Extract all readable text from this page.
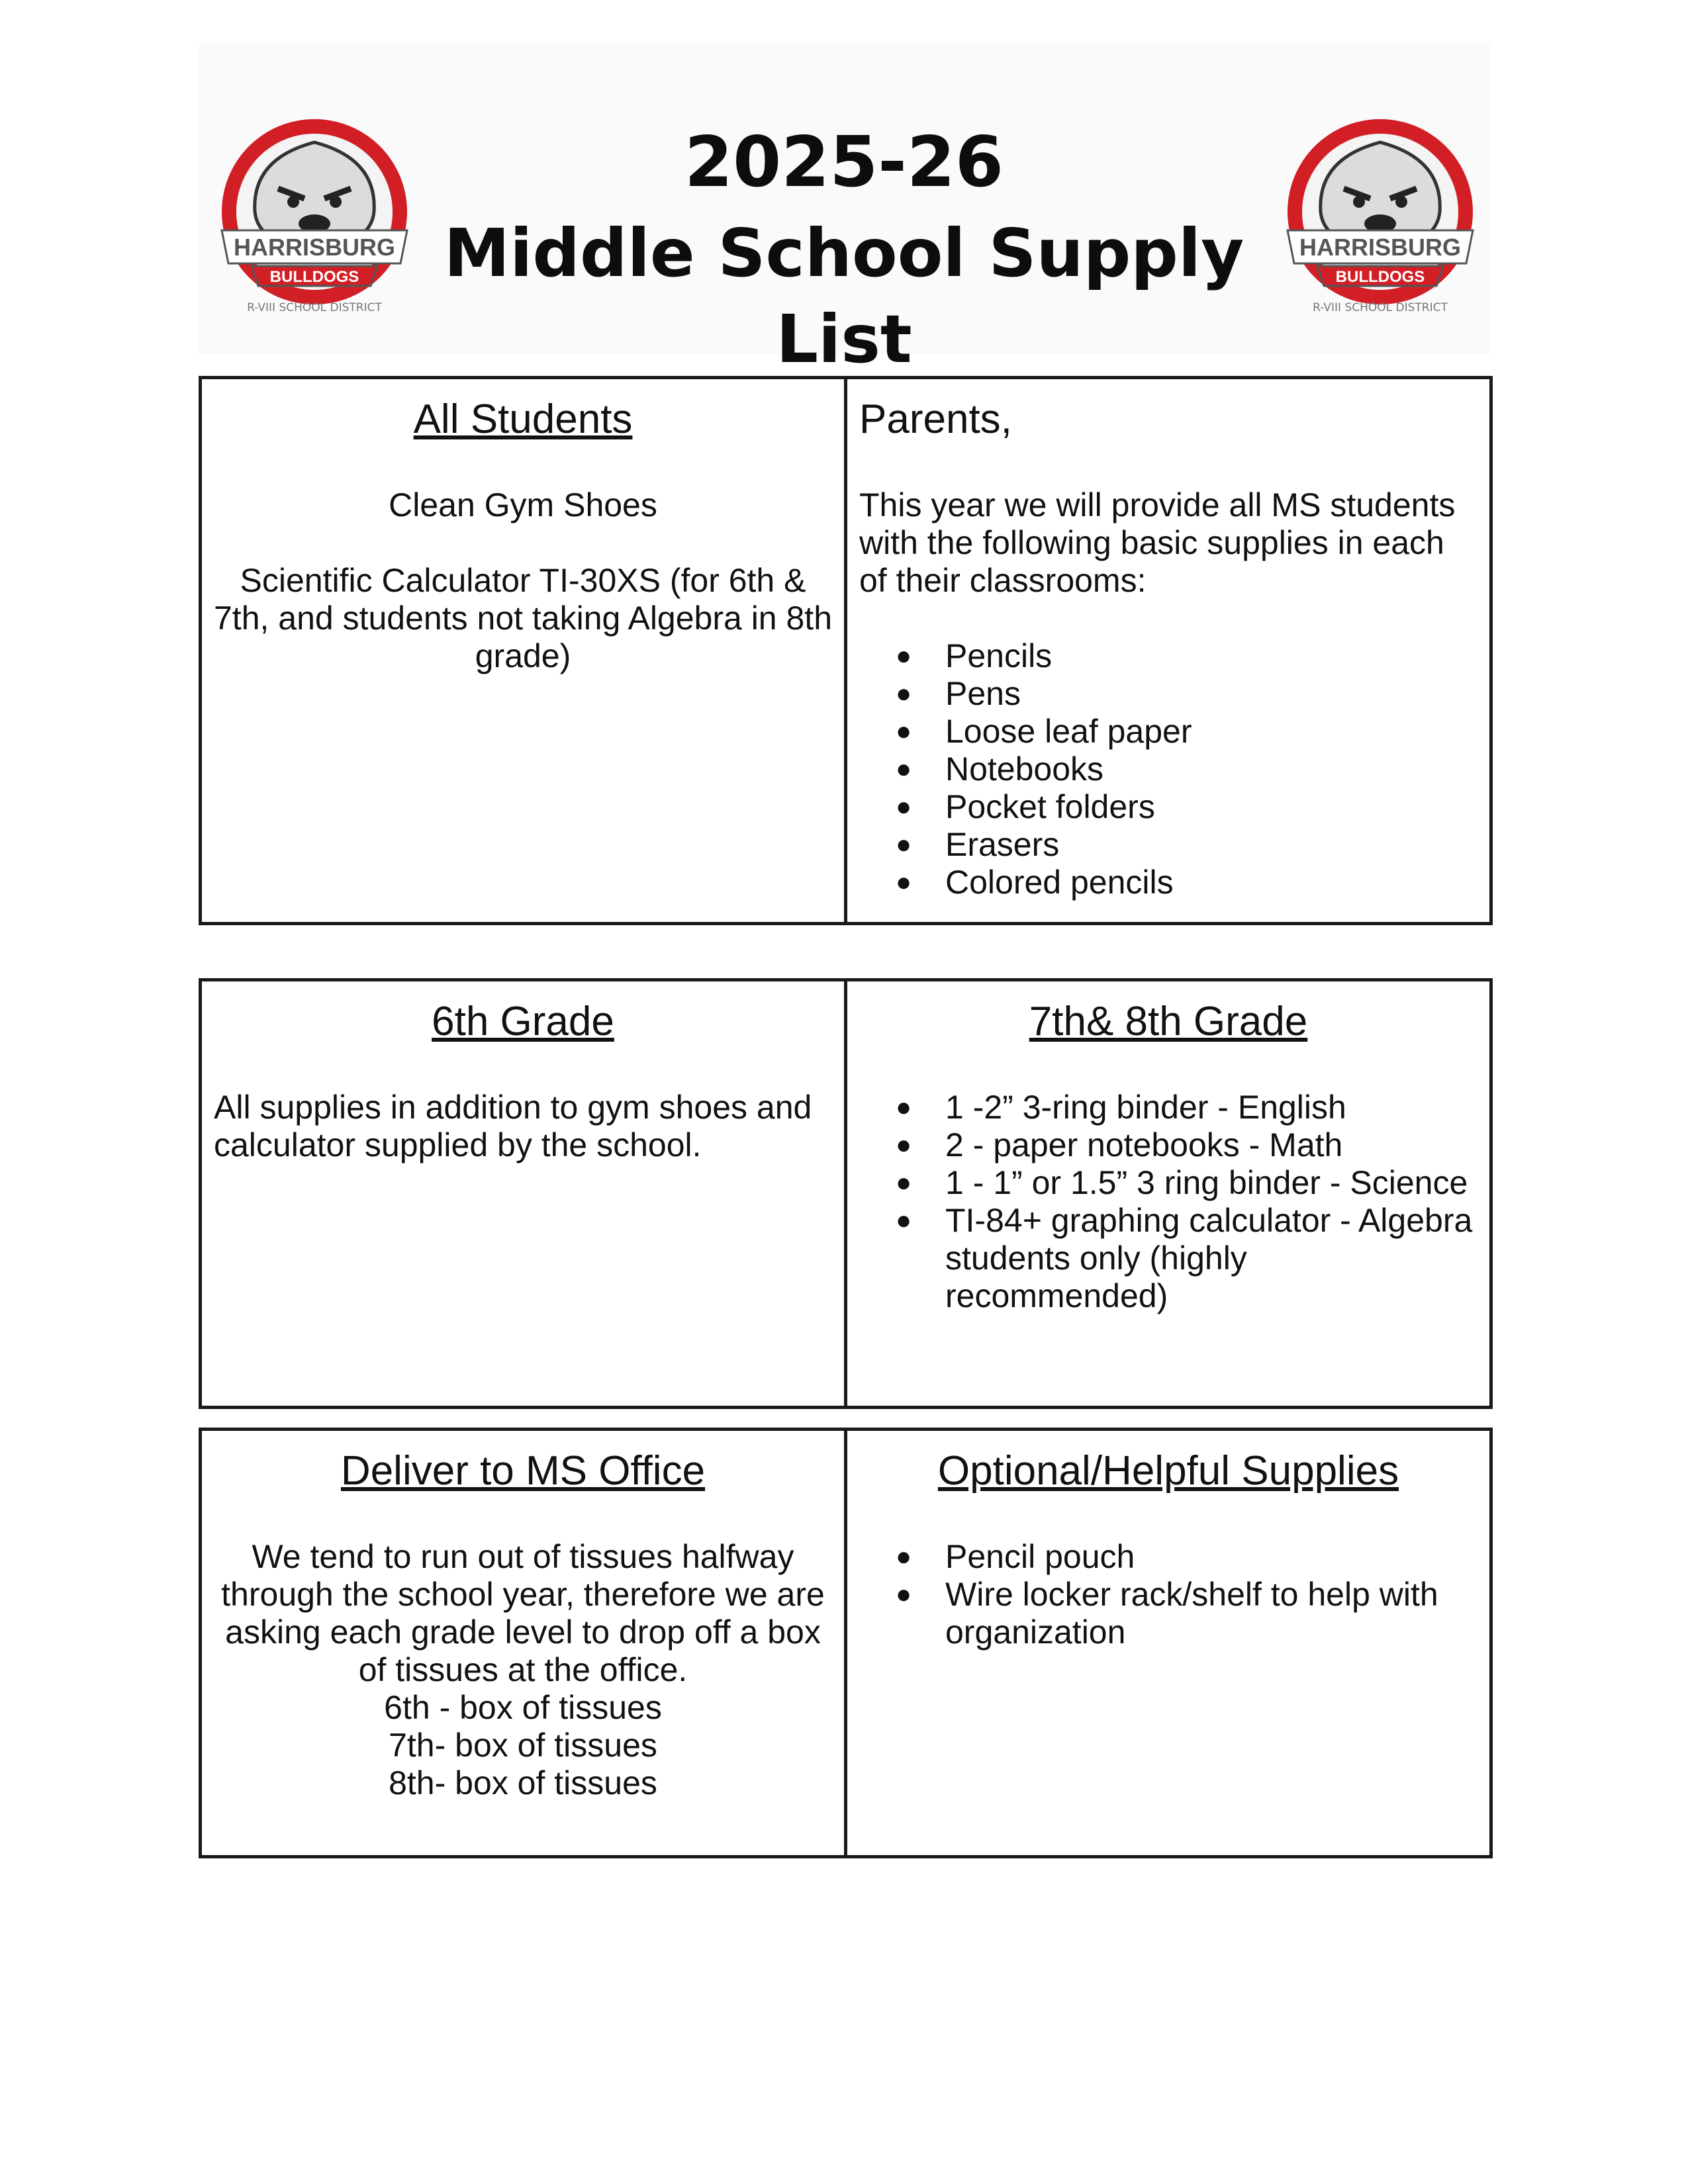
HARRISBURG
BULLDOGS
R-VIII SCHOOL DISTRICT
HARRISBURG
BULLDOGS
R-VIII SCHOOL DISTRICT
2025-26
Middle School Supply List
All Students

Clean Gym Shoes

Scientific Calculator TI-30XS (for 6th & 7th, and students not taking Algebra in 8th grade)

Parents,

This year we will provide all MS students with the following basic supplies in each of their classrooms:

● Pencils
● Pens
● Loose leaf paper
● Notebooks
● Pocket folders
● Erasers
● Colored pencils
6th Grade

All supplies in addition to gym shoes and calculator supplied by the school.

7th& 8th Grade
● 1 -2” 3-ring binder - English
● 2 - paper notebooks - Math
● 1 - 1” or 1.5” 3 ring binder - Science
● TI-84+ graphing calculator - Algebra students only (highly recommended)
Deliver to MS Office

We tend to run out of tissues halfway through the school year, therefore we are asking each grade level to drop off a box of tissues at the office.

6th - box of tissues

7th- box of tissues

8th- box of tissues

Optional/Helpful Supplies
● Pencil pouch
● Wire locker rack/shelf to help with organization
